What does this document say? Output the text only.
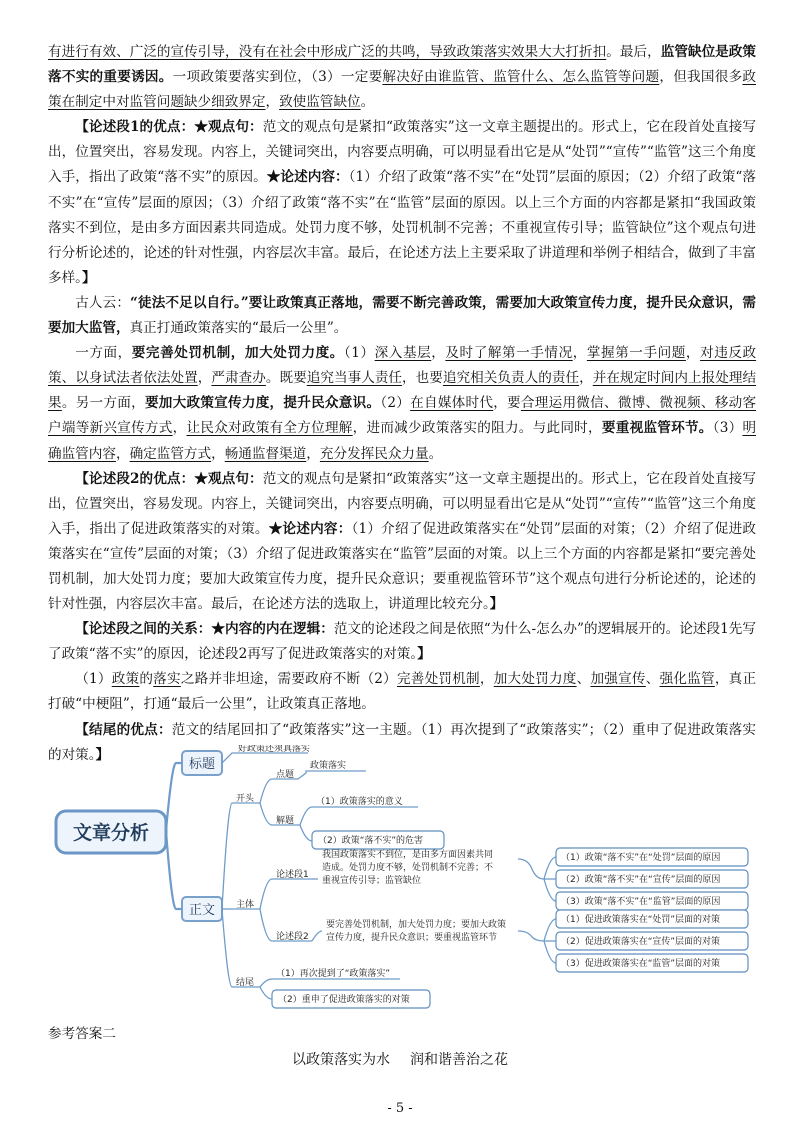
有进行有效、广泛的宣传引导，没有在社会中形成广泛的共鸣，导致政策落实效果大大打折扣。最后，监管缺位是政策落不实的重要诱因。一项政策要落实到位，（3）一定要解决好由谁监管、监管什么、怎么监管等问题，但我国很多政策在制定中对监管问题缺少细致界定，致使监管缺位。

【论述段1的优点：★观点句：范文的观点句是紧扣“政策落实”这一文章主题提出的。形式上，它在段首处直接写出，位置突出，容易发现。内容上，关键词突出，内容要点明确，可以明显看出它是从“处罚”“宣传”“监管”这三个角度入手，指出了政策“落不实”的原因。★论述内容：（1）介绍了政策“落不实”在“处罚”层面的原因；（2）介绍了政策“落不实”在“宣传”层面的原因；（3）介绍了政策“落不实”在“监管”层面的原因。以上三个方面的内容都是紧扣“我国政策落实不到位，是由多方面因素共同造成。处罚力度不够，处罚机制不完善；不重视宣传引导；监管缺位”这个观点句进行分析论述的，论述的针对性强，内容层次丰富。最后，在论述方法上主要采取了讲道理和举例子相结合，做到了丰富多样。】

古人云：“徒法不足以自行。”要让政策真正落地，需要不断完善政策，需要加大政策宣传力度，提升民众意识，需要加大监管，真正打通政策落实的“最后一公里”。

一方面，要完善处罚机制，加大处罚力度。（1）深入基层，及时了解第一手情况，掌握第一手问题，对违反政策、以身试法者依法处置，严肃查办。既要追究当事人责任，也要追究相关负责人的责任，并在规定时间内上报处理结果。另一方面，要加大政策宣传力度，提升民众意识。（2）在自媒体时代，要合理运用微信、微博、微视频、移动客户端等新兴宣传方式，让民众对政策有全方位理解，进而减少政策落实的阻力。与此同时，要重视监管环节。（3）明确监管内容，确定监管方式，畅通监督渠道，充分发挥民众力量。

【论述段2的优点：★观点句：范文的观点句是紧扣“政策落实”这一文章主题提出的。形式上，它在段首处直接写出，位置突出，容易发现。内容上，关键词突出，内容要点明确，可以明显看出它是从“处罚”“宣传”“监管”这三个角度入手，指出了促进政策落实的对策。★论述内容：（1）介绍了促进政策落实在“处罚”层面的对策；（2）介绍了促进政策落实在“宣传”层面的对策；（3）介绍了促进政策落实在“监管”层面的对策。以上三个方面的内容都是紧扣“要完善处罚机制，加大处罚力度；要加大政策宣传力度，提升民众意识；要重视监管环节”这个观点句进行分析论述的，论述的针对性强，内容层次丰富。最后，在论述方法的选取上，讲道理比较充分。】

【论述段之间的关系：★内容的内在逻辑：范文的论述段之间是依照“为什么-怎么办”的逻辑展开的。论述段1先写了政策“落不实”的原因，论述段2再写了促进政策落实的对策。】

（1）政策的落实之路并非坦途，需要政府不断（2）完善处罚机制，加大处罚力度、加强宣传、强化监管，真正打破“中梗阻”，打通“最后一公里”，让政策真正落地。

【结尾的优点：范文的结尾回扣了“政策落实”这一主题。（1）再次提到了“政策落实”；（2）重申了促进政策落实的对策。】

文章分析
标题
好政策还须真落实
正文
开头
点题
政策落实
解题
（1）政策落实的意义
（2）政策“落不实”的危害
主体
论述段1
我国政策落实不到位，是由多方面因素共同
造成。处罚力度不够，处罚机制不完善；不
重视宣传引导；监管缺位
（1）政策“落不实”在“处罚”层面的原因
（2）政策“落不实”在“宣传”层面的原因
（3）政策“落不实”在“监管”层面的原因
论述段2
要完善处罚机制，加大处罚力度；要加大政策
宣传力度，提升民众意识；要重视监管环节
（1）促进政策落实在“处罚”层面的对策
（2）促进政策落实在“宣传”层面的对策
（3）促进政策落实在“监管”层面的对策
结尾
（1）再次提到了“政策落实”
（2）重申了促进政策落实的对策
参考答案二
以政策落实为水 润和谐善治之花
- 5 -
